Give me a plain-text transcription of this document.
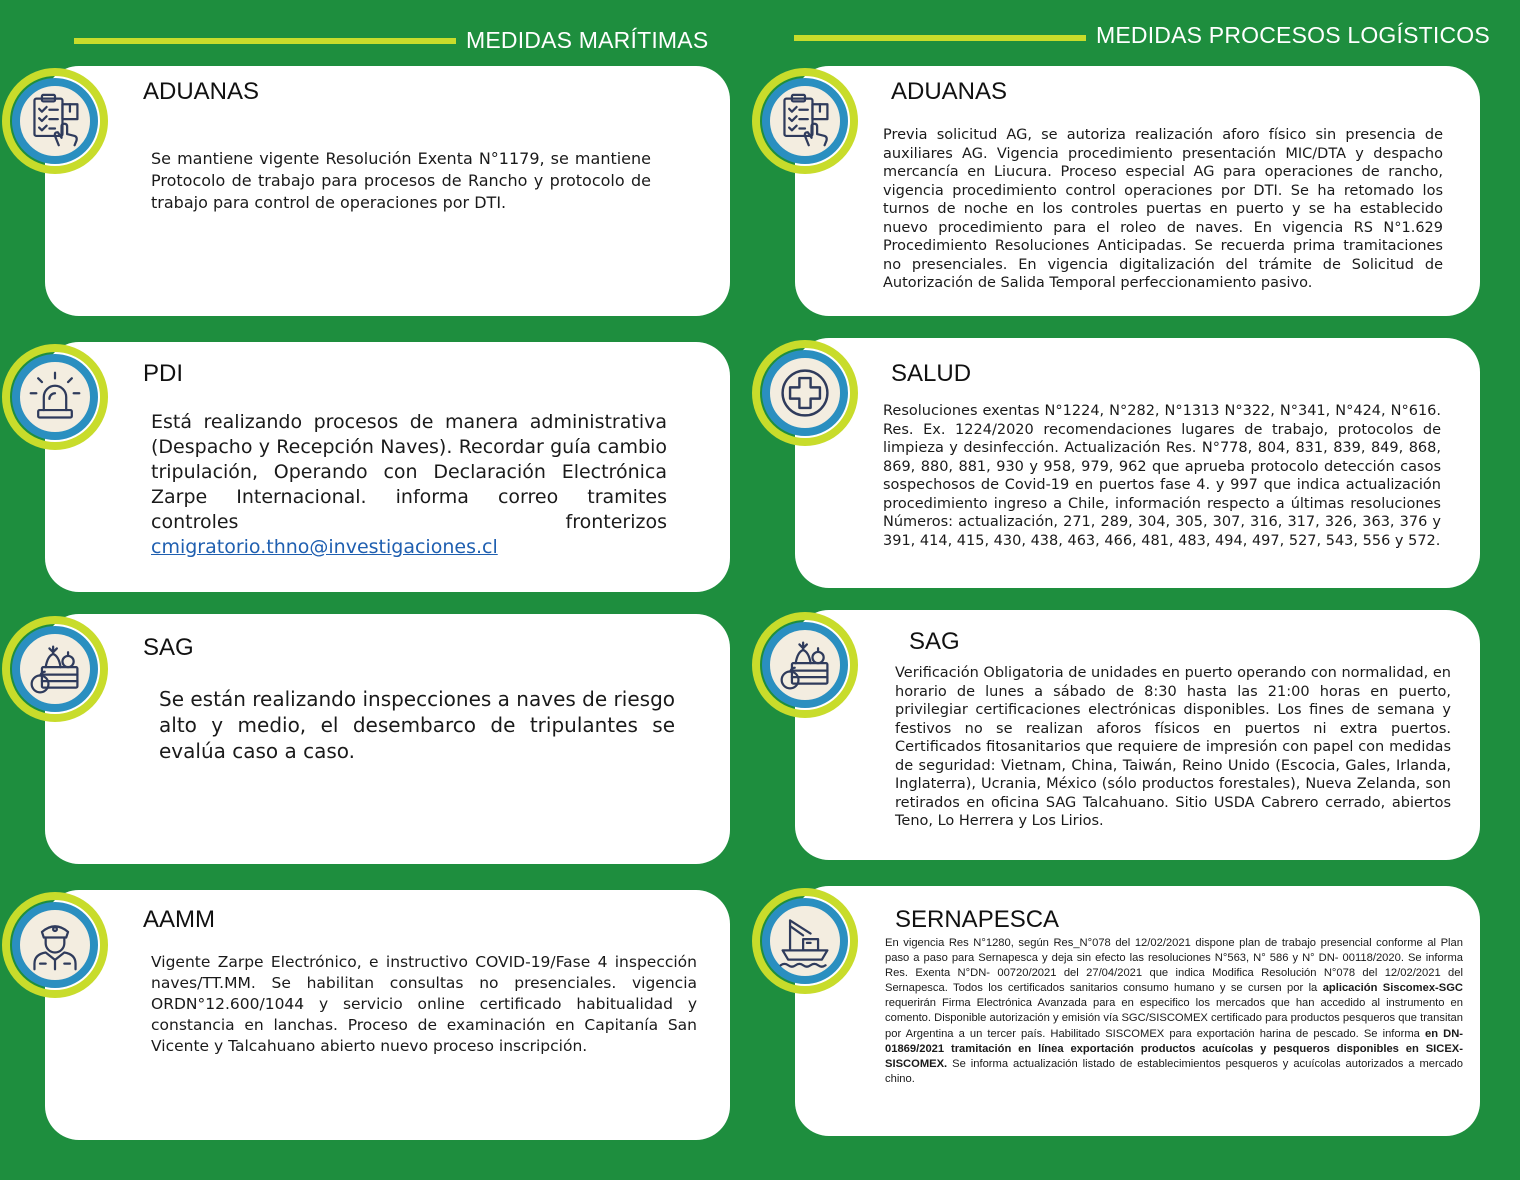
MEDIDAS MARÍTIMAS	MEDIDAS PROCESOS LOGÍSTICOS
ADUANAS
Se mantiene vigente Resolución Exenta N°1179, se mantiene Protocolo de trabajo para procesos de Rancho y protocolo de trabajo para control de operaciones por DTI.
PDI
Está realizando procesos de manera administrativa (Despacho y Recepción Naves). Recordar guía cambio tripulación, Operando con Declaración Electrónica Zarpe Internacional. informa correo tramites controles fronterizos cmigratorio.thno@investigaciones.cl
SAG
Se están realizando inspecciones a naves de riesgo alto y medio, el desembarco de tripulantes se evalúa caso a caso.
AAMM
Vigente Zarpe Electrónico, e instructivo COVID-19/Fase 4 inspección naves/TT.MM. Se habilitan consultas no presenciales. vigencia ORDN°12.600/1044 y servicio online certificado habitualidad y constancia en lanchas. Proceso de examinación en Capitanía San Vicente y Talcahuano abierto nuevo proceso inscripción.
ADUANAS
Previa solicitud AG, se autoriza realización aforo físico sin presencia de auxiliares AG. Vigencia procedimiento presentación MIC/DTA y despacho mercancía en Liucura. Proceso especial AG para operaciones de rancho, vigencia procedimiento control operaciones por DTI. Se ha retomado los turnos de noche en los controles puertas en puerto y se ha establecido nuevo procedimiento para el roleo de naves. En vigencia RS N°1.629 Procedimiento Resoluciones Anticipadas. Se recuerda prima tramitaciones no presenciales. En vigencia digitalización del trámite de Solicitud de Autorización de Salida Temporal perfeccionamiento pasivo.
SALUD
Resoluciones exentas N°1224, N°282, N°1313 N°322, N°341, N°424, N°616. Res. Ex. 1224/2020 recomendaciones lugares de trabajo, protocolos de limpieza y desinfección. Actualización Res. N°778, 804, 831, 839, 849, 868, 869, 880, 881, 930 y 958, 979, 962 que aprueba protocolo detección casos sospechosos de Covid-19 en puertos fase 4. y 997 que indica actualización procedimiento ingreso a Chile, información respecto a últimas resoluciones Números: actualización, 271, 289, 304, 305, 307, 316, 317, 326, 363, 376 y 391, 414, 415, 430, 438, 463, 466, 481, 483, 494, 497, 527, 543, 556 y 572.
SAG
Verificación Obligatoria de unidades en puerto operando con normalidad, en horario de lunes a sábado de 8:30 hasta las 21:00 horas en puerto, privilegiar certificaciones electrónicas disponibles. Los fines de semana y festivos no se realizan aforos físicos en puertos ni extra puertos. Certificados fitosanitarios que requiere de impresión con papel con medidas de seguridad: Vietnam, China, Taiwán, Reino Unido (Escocia, Gales, Irlanda, Inglaterra), Ucrania, México (sólo productos forestales), Nueva Zelanda, son retirados en oficina SAG Talcahuano. Sitio USDA Cabrero cerrado, abiertos Teno, Lo Herrera y Los Lirios.
SERNAPESCA
En vigencia Res N°1280, según Res_N°078 del 12/02/2021 dispone plan de trabajo presencial conforme al Plan paso a paso para Sernapesca y deja sin efecto las resoluciones N°563, N° 586 y N° DN- 00118/2020. Se informa Res. Exenta N°DN- 00720/2021 del 27/04/2021 que indica Modifica Resolución N°078 del 12/02/2021 del Sernapesca. Todos los certificados sanitarios consumo humano y se cursen por la aplicación Siscomex-SGC requerirán Firma Electrónica Avanzada para en especifico los mercados que han accedido al instrumento en comento. Disponible autorización y emisión vía SGC/SISCOMEX certificado para productos pesqueros que transitan por Argentina a un tercer país. Habilitado SISCOMEX para exportación harina de pescado. Se informa en DN-01869/2021 tramitación en línea exportación productos acuícolas y pesqueros disponibles en SICEX-SISCOMEX. Se informa actualización listado de establecimientos pesqueros y acuícolas autorizados a mercado chino.
